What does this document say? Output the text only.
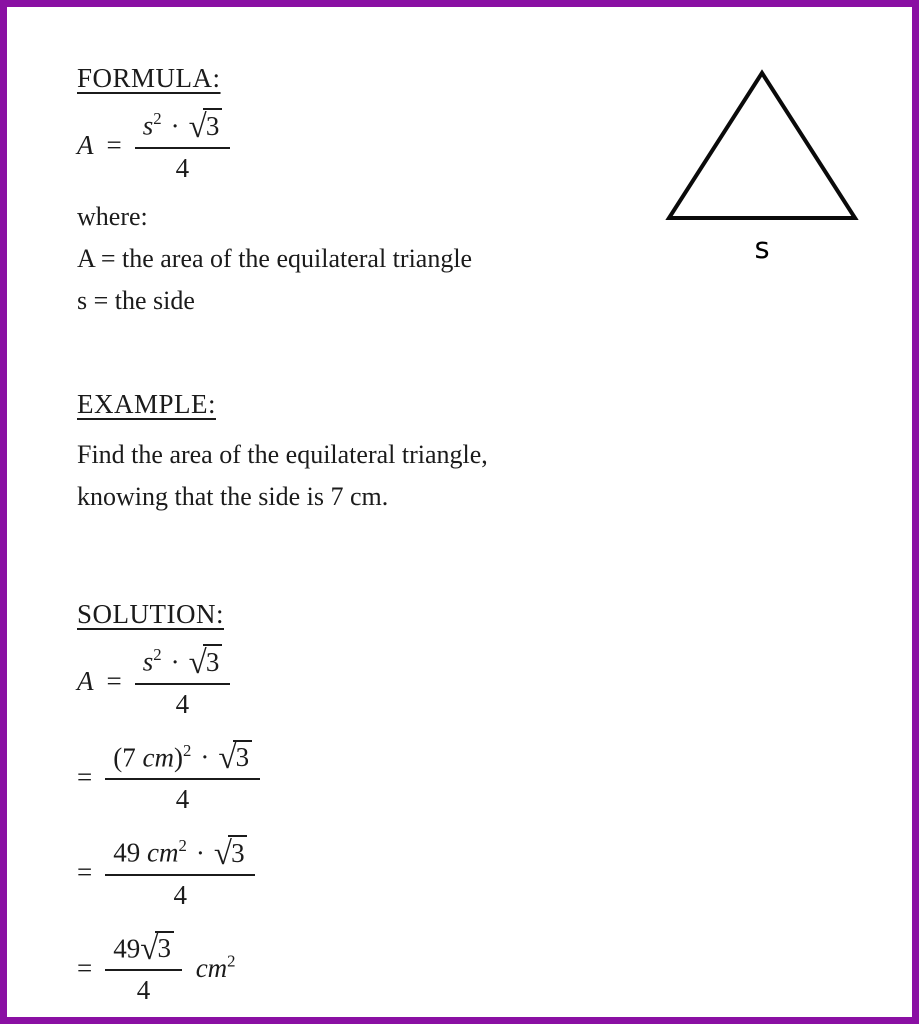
FORMULA:
$A = \frac{s^2 \cdot √3}{4}$

where:

A = the area of the equilateral triangle

s = the side

s
EXAMPLE:

Find the area of the equilateral triangle,

knowing that the side is 7 cm.

SOLUTION:
$A = \frac{s^2 \cdot √3}{4}$
= $\frac{(7 cm)^2 \cdot √3}{4}$
= $\frac{49 cm^2 \cdot √3}{4}$
= $\frac{49√3}{4} cm^2$
